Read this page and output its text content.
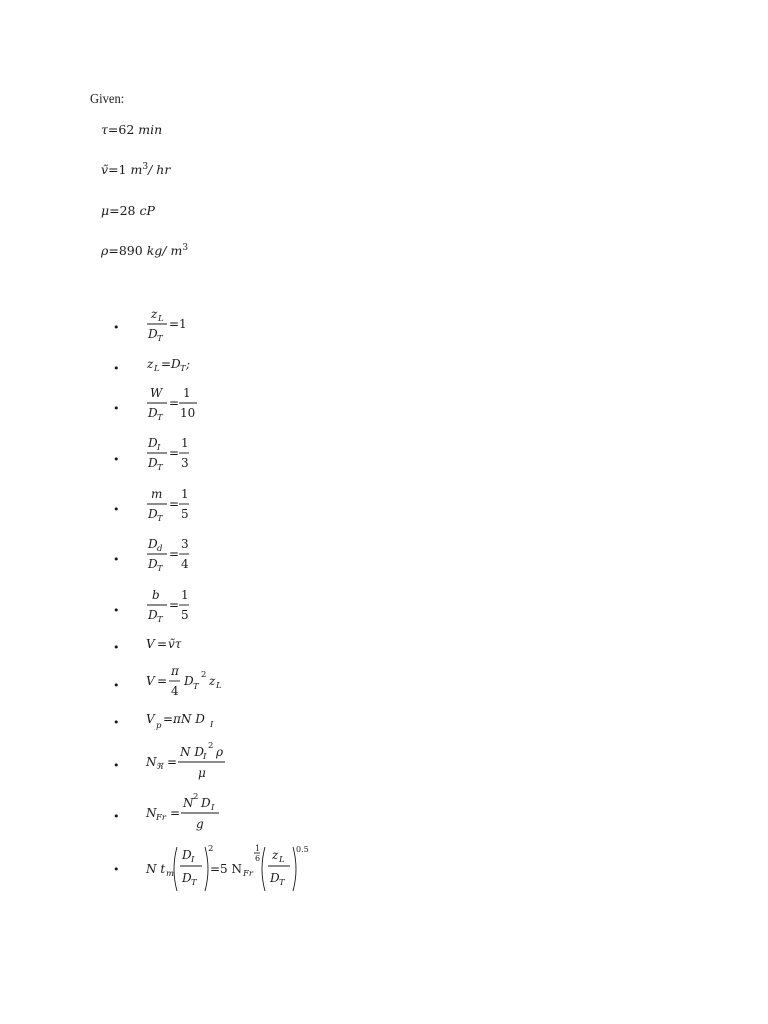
Given:
τ=62 min
ṽ=1 $m^3/$ hr
μ=28 cP
ρ=890 kg/ $m^3$
•
•
•
•
•
•
•
•
•
•
•
•
•
z L
D T
= 1
z L = D T ;
W
D T
=
1
10
D I
D T
=
1
3
m
D T
=
1
5
D d
D T
=
3
4
b
D T
=
1
5
V = ṽτ
V =
π
4
D T
2 z L
V p = πN D I
N ℜ =
N D I
2 ρ
μ
N Fr =
N 2 D I
g
N t m
D I
D T
2
=5 N Fr
1
6 z L
D T
0.5
